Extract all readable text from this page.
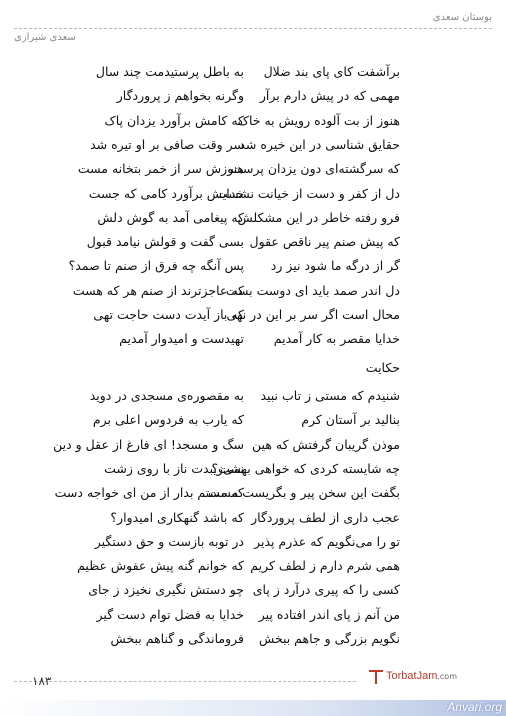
بوستان سعدی
سعدی شیرازی
برآشفت کای پای بند ضلال
به باطل پرستیدمت چند سال
مهمی که در پیش دارم برآر
وگرنه بخواهم ز پروردگار
هنوز از بت آلوده رویش به خاک
که کامش برآورد یزدان پاک
حقایق شناسی در این خیره شد
سر وقت صافی بر او تیره شد
که سرگشته‌ای دون یزدان پرست
هنوزش سر از خمر بتخانه مست
دل از کفر و دست از خیانت نشست
خدایش برآورد کامی که جست
فرو رفته خاطر در این مشکلش
که پیغامی آمد به گوش دلش
که پیش صنم پیر ناقص عقول
بسی گفت و قولش نیامد قبول
گر از درگه ما شود نیز رد
پس آنگه چه فرق از صنم تا صمد؟
دل اندر صمد باید ای دوست بست
که عاجزترند از صنم هر که هست
محال است اگر سر بر این در نهی
که باز آیدت دست حاجت تهی
خدایا مقصر به کار آمدیم
تهیدست و امیدوار آمدیم
حکایت
شنیدم که مستی ز تاب نبید
به مقصوره‌ی مسجدی در دوید
بنالید بر آستان کرم
که یارب به فردوس اعلی برم
موذن گریبان گرفتش که هین
سگ و مسجد! ای فارغ از عقل و دین
چه شایسته کردی که خواهی بهشت؟
نمی‌زیبدت ناز با روی زشت
بگفت این سخن پیر و بگریست مست
که مستم بدار از من ای خواجه دست
عجب داری از لطف پروردگار
که باشد گنهکاری امیدوار؟
تو را می‌نگویم که عذرم پذیر
در توبه بازست و حق دستگیر
همی شرم دارم ز لطف کریم
که خوانم گنه پیش عفوش عظیم
کسی را که پیری درآرد ز پای
چو دستش نگیری نخیزد ز جای
من آنم ز پای اندر افتاده پیر
خدایا به فضل توام دست گیر
نگویم بزرگی و جاهم ببخش
فروماندگی و گناهم ببخش
۱۸۳	TorbatJam.com
Anvari.org
